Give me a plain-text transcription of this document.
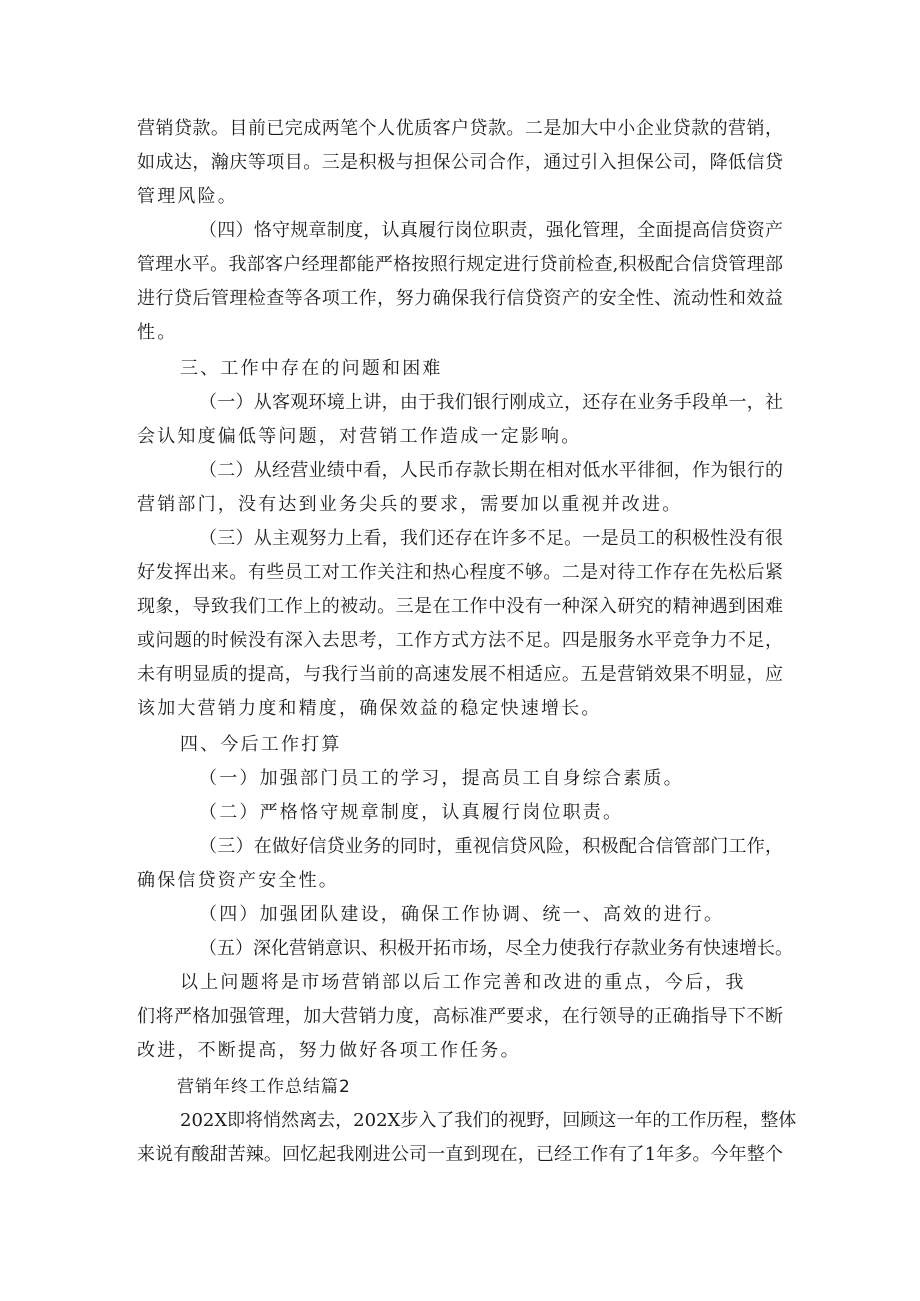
营销贷款。目前已完成两笔个人优质客户贷款。二是加大中小企业贷款的营销，
如成达，瀚庆等项目。三是积极与担保公司合作，通过引入担保公司，降低信贷
管理风险。
（四）恪守规章制度，认真履行岗位职责，强化管理，全面提高信贷资产
管理水平。我部客户经理都能严格按照行规定进行贷前检查,积极配合信贷管理部
进行贷后管理检查等各项工作，努力确保我行信贷资产的安全性、流动性和效益
性。
三、工作中存在的问题和困难
（一）从客观环境上讲，由于我们银行刚成立，还存在业务手段单一，社
会认知度偏低等问题，对营销工作造成一定影响。
（二）从经营业绩中看，人民币存款长期在相对低水平徘徊，作为银行的
营销部门，没有达到业务尖兵的要求，需要加以重视并改进。
（三）从主观努力上看，我们还存在许多不足。一是员工的积极性没有很
好发挥出来。有些员工对工作关注和热心程度不够。二是对待工作存在先松后紧
现象，导致我们工作上的被动。三是在工作中没有一种深入研究的精神遇到困难
或问题的时候没有深入去思考，工作方式方法不足。四是服务水平竞争力不足，
未有明显质的提高，与我行当前的高速发展不相适应。五是营销效果不明显，应
该加大营销力度和精度，确保效益的稳定快速增长。
四、今后工作打算
（一）加强部门员工的学习，提高员工自身综合素质。
（二）严格恪守规章制度，认真履行岗位职责。
（三）在做好信贷业务的同时，重视信贷风险，积极配合信管部门工作，
确保信贷资产安全性。
（四）加强团队建设，确保工作协调、统一、高效的进行。
（五）深化营销意识、积极开拓市场，尽全力使我行存款业务有快速增长。
以上问题将是市场营销部以后工作完善和改进的重点，今后，我
们将严格加强管理，加大营销力度，高标准严要求，在行领导的正确指导下不断
改进，不断提高，努力做好各项工作任务。
营销年终工作总结篇2
202X即将悄然离去，202X步入了我们的视野，回顾这一年的工作历程，整体
来说有酸甜苦辣。回忆起我刚进公司一直到现在，已经工作有了1年多。今年整个
